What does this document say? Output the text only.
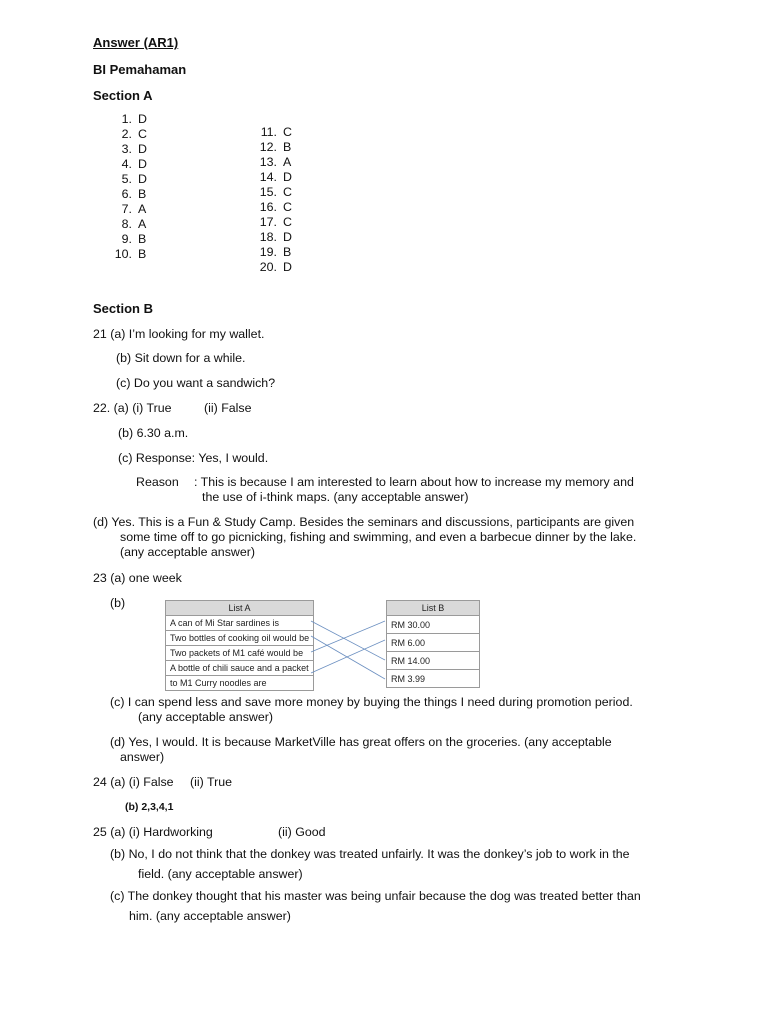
Answer (AR1)
BI Pemahaman
Section A
1. D
2. C
3. D
4. D
5. D
6. B
7. A
8. A
9. B
10. B
11. C
12. B
13. A
14. D
15. C
16. C
17. C
18. D
19. B
20. D
Section B
21 (a) I’m looking for my wallet.
(b) Sit down for a while.
(c) Do you want a sandwich?
22. (a) (i) True	(ii) False
(b) 6.30 a.m.
(c) Response: Yes, I would.
Reason : This is because I am interested to learn about how to increase my memory and
the use of i-think maps. (any acceptable answer)
(d) Yes. This is a Fun & Study Camp. Besides the seminars and discussions, participants are given
some time off to go picnicking, fishing and swimming, and even a barbecue dinner by the lake.
(any acceptable answer)
23 (a) one week
(b)	List A
A can of Mi Star sardines is
Two bottles of cooking oil would be
Two packets of M1 café would be
A bottle of chili sauce and a packet
to M1 Curry noodles are
List B
RM 30.00
RM 6.00
RM 14.00
RM 3.99
(c) I can spend less and save more money by buying the things I need during promotion period.
(any acceptable answer)
(d) Yes, I would. It is because MarketVille has great offers on the groceries. (any acceptable
answer)
24 (a) (i) False (ii) True
(b) 2,3,4,1
25 (a) (i) Hardworking	(ii) Good
(b) No, I do not think that the donkey was treated unfairly. It was the donkey’s job to work in the
field. (any acceptable answer)
(c) The donkey thought that his master was being unfair because the dog was treated better than
him. (any acceptable answer)
